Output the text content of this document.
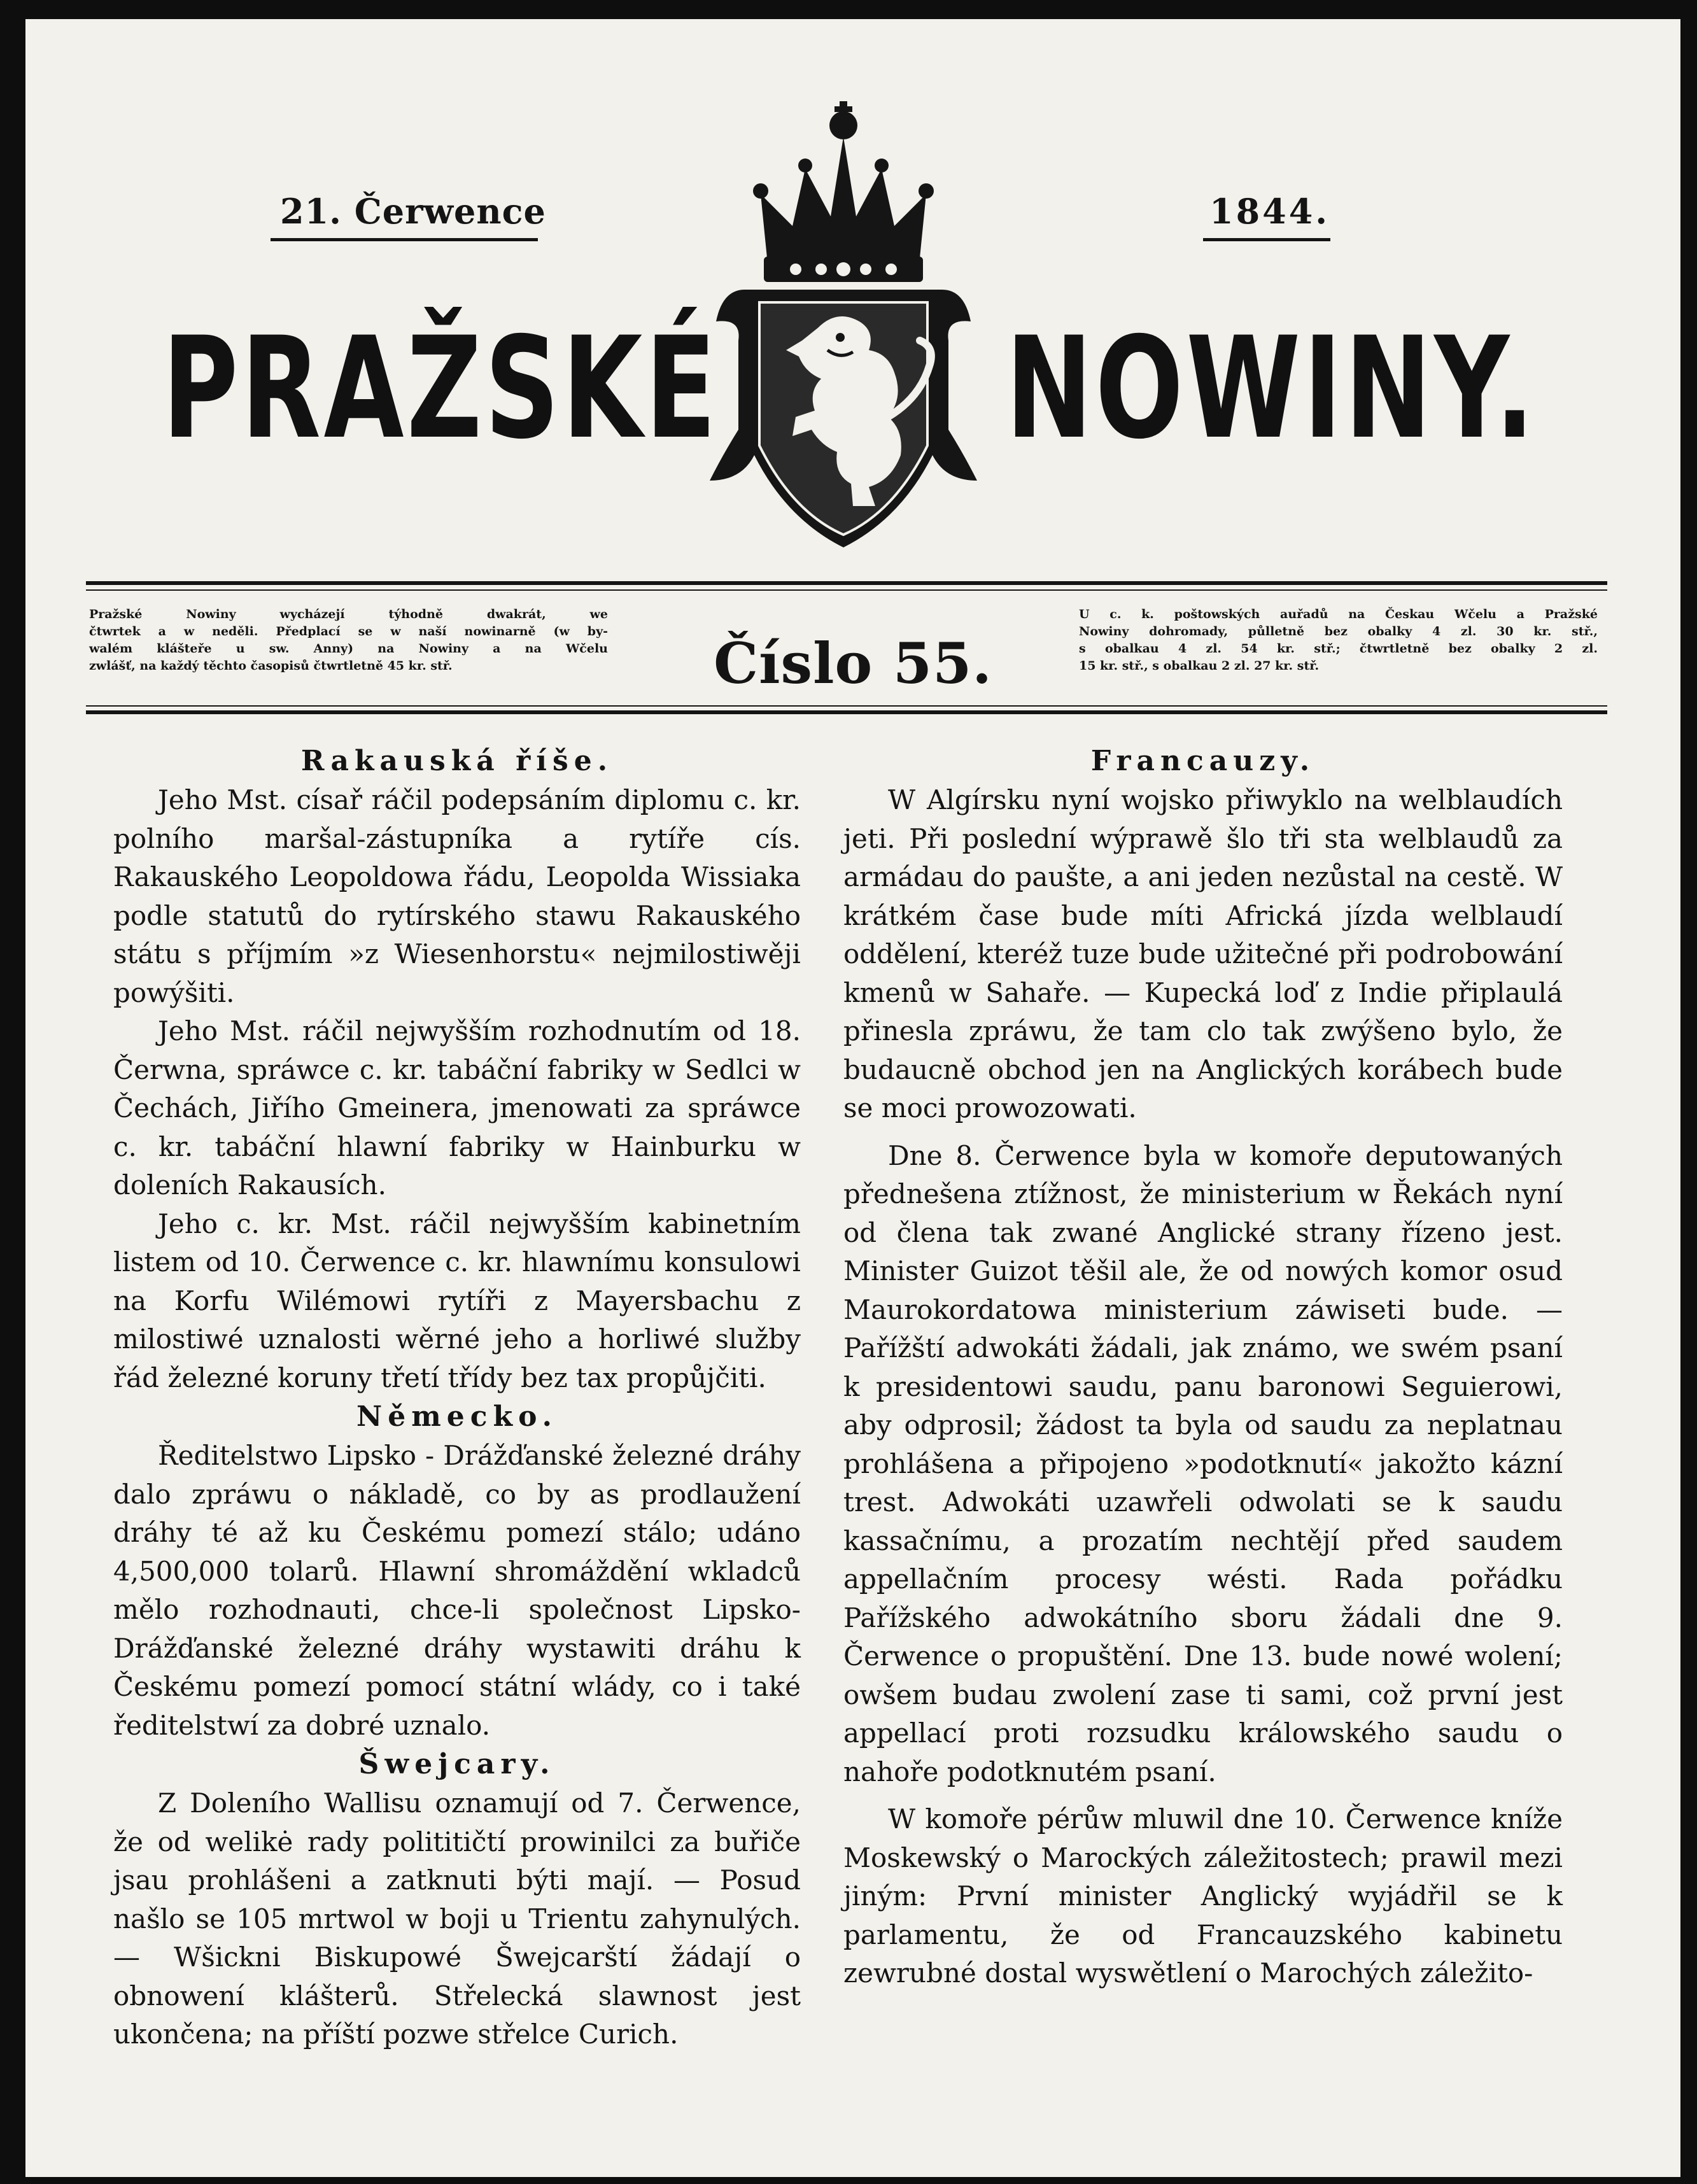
21. Čerwence	1844.
PRAŽSKÉ NOWINY.
Pražské Nowiny wycházejí týhodně dwakrát, we
čtwrtek a w neděli. Předplací se w naší nowinarně (w by-
walém klášteře u sw. Anny) na Nowiny a na Wčelu
zwlášť, na každý těchto časopisů čtwrtletně 45 kr. stř.	Číslo 55.
U c. k. poštowských auřadů na Českau Wčelu a Pražské
Nowiny dohromady, půlletně bez obalky 4 zl. 30 kr. stř.,
s obalkau 4 zl. 54 kr. stř.; čtwrtletně bez obalky 2 zl.
15 kr. stř., s obalkau 2 zl. 27 kr. stř.
Rakauská říše.

Jeho Mst. císař ráčil podepsáním diplomu c. kr. polního maršal-zástupníka a rytíře cís. Rakauského Leopoldowa řádu, Leopolda Wissiaka podle statutů do rytírského stawu Rakauského státu s příjmím »z Wiesenhorstu« nejmilostiwěji powýšiti.

Jeho Mst. ráčil nejwyšším rozhodnutím od 18. Čerwna, spráwce c. kr. tabáční fabriky w Sedlci w Čechách, Jiřího Gmeinera, jmenowati za spráwce c. kr. tabáční hlawní fabriky w Hainburku w doleních Rakausích.

Jeho c. kr. Mst. ráčil nejwyšším kabinetním listem od 10. Čerwence c. kr. hlawnímu konsulowi na Korfu Wilémowi rytíři z Mayersbachu z milostiwé uznalosti wěrné jeho a horliwé služby řád železné koruny třetí třídy bez tax propůjčiti.

Německo.

Ředitelstwo Lipsko - Drážďanské železné dráhy dalo zpráwu o nákladě, co by as prodlaužení dráhy té až ku Českému pomezí stálo; udáno 4,500,000 tolarů. Hlawní shromáždění wkladců mělo rozhodnauti, chce-li společnost Lipsko-Drážďanské železné dráhy wystawiti dráhu k Českému pomezí pomocí státní wlády, co i také ředitelstwí za dobré uznalo.

Šwejcary.

Z Doleního Wallisu oznamují od 7. Čerwence, že od welikė rady polititičtí prowinilci za buřiče jsau prohlášeni a zatknuti býti mají. — Posud našlo se 105 mrtwol w boji u Trientu zahynulých. — Wšickni Biskupowé Šwejcarští žádají o obnowení klášterů. Střelecká slawnost jest ukončena; na příští pozwe střelce Curich.

Francauzy.

W Algírsku nyní wojsko přiwyklo na welblaudích jeti. Při poslední wýprawě šlo tři sta welblaudů za armádau do paušte, a ani jeden nezůstal na cestě. W krátkém čase bude míti Africká jízda welblaudí oddělení, kteréž tuze bude užitečné při podrobowání kmenů w Sahaře. — Kupecká loď z Indie připlaulá přinesla zpráwu, že tam clo tak zwýšeno bylo, že budaucně obchod jen na Anglických korábech bude se moci prowozowati.

Dne 8. Čerwence byla w komoře deputowaných přednešena ztížnost, že ministerium w Řekách nyní od člena tak zwané Anglické strany řízeno jest. Minister Guizot těšil ale, že od nowých komor osud Maurokordatowa ministerium záwiseti bude. — Pařížští adwokáti žádali, jak známo, we swém psaní k presidentowi saudu, panu baronowi Seguierowi, aby odprosil; žádost ta byla od saudu za neplatnau prohlášena a připojeno »podotknutí« jakožto kázní trest. Adwokáti uzawřeli odwolati se k saudu kassačnímu, a prozatím nechtějí před saudem appellačním procesy wésti. Rada pořádku Pařížského adwokátního sboru žádali dne 9. Čerwence o propuštění. Dne 13. bude nowé wolení; owšem budau zwolení zase ti sami, což první jest appellací proti rozsudku králowského saudu o nahoře podotknutém psaní.

W komoře pérůw mluwil dne 10. Čerwence kníže Moskewský o Marockých záležitostech; prawil mezi jiným: První minister Anglický wyjádřil se k parlamentu, že od Francauzského kabinetu zewrubné dostal wyswětlení o Marochých záležito-
